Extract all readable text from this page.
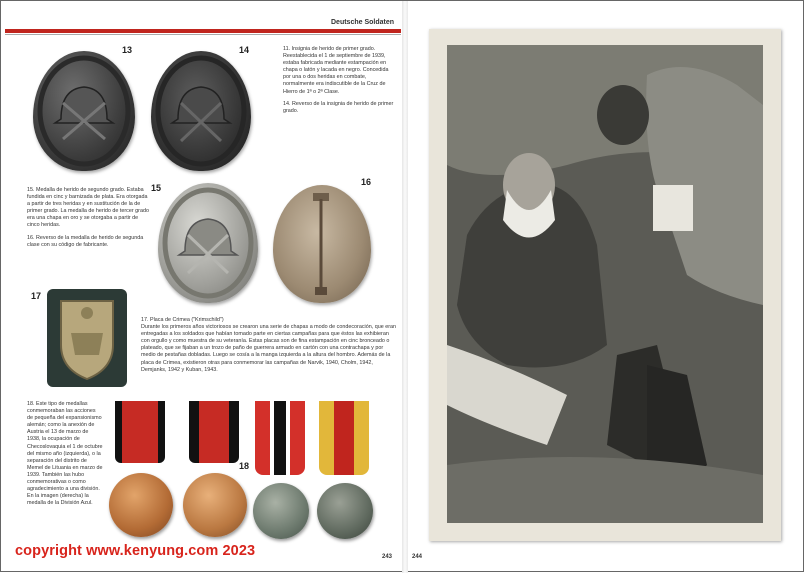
Deutsche Soldaten
13	14	11. Insignia de herido de primer grado. Reestablecida el 1 de septiembre de 1939, estaba fabricada mediante estampación en chapa o latón y lacada en negro. Concedida por una o dos heridas en combate, normalmente era indiscutible de la Cruz de Hierro de 1ª o 2ª Clase.

14. Reverso de la insignia de herido de primer grado.

15. Medalla de herido de segundo grado. Estaba fundida en cinc y barnizada de plata. Era otorgada a partir de tres heridas y en sustitución de la de primer grado. La medalla de herido de tercer grado era una chapa en oro y se otorgaba a partir de cinco heridas.

16. Reverso de la medalla de herido de segunda clase con su código de fabricante.

15
16
17

17. Placa de Crimea ("Krimschild")

Durante los primeros años victoriosos se crearon una serie de chapas a modo de condecoración, que eran entregadas a los soldados que habían tomado parte en ciertas campañas para que éstos las exhibieran con orgullo y como muestra de su veteranía. Estas placas son de fina estampación en cinc bronceado o plateado, que se fijaban a un trozo de paño de guerrera armado en cartón con una contrachapa y por medio de pestañas dobladas. Luego se cosía a la manga izquierda a la altura del hombro. Además de la placa de Crimea, existieron otras para conmemorar las campañas de Narvik, 1940, Cholm, 1942, Demjanks, 1942 y Kuban, 1943.

18. Este tipo de medallas conmemoraban las acciones de pequeña del expansionismo alemán; como la anexión de Austria el 13 de marzo de 1938, la ocupación de Checoslovaquia el 1 de octubre del mismo año (izquierda), o la separación del distrito de Memel de Lituania en marzo de 1939. También las hubo conmemorativas o como agradecimiento a una división. En la imagen (derecha) la medalla de la División Azul.

18
243
copyright www.kenyung.com 2023	244
